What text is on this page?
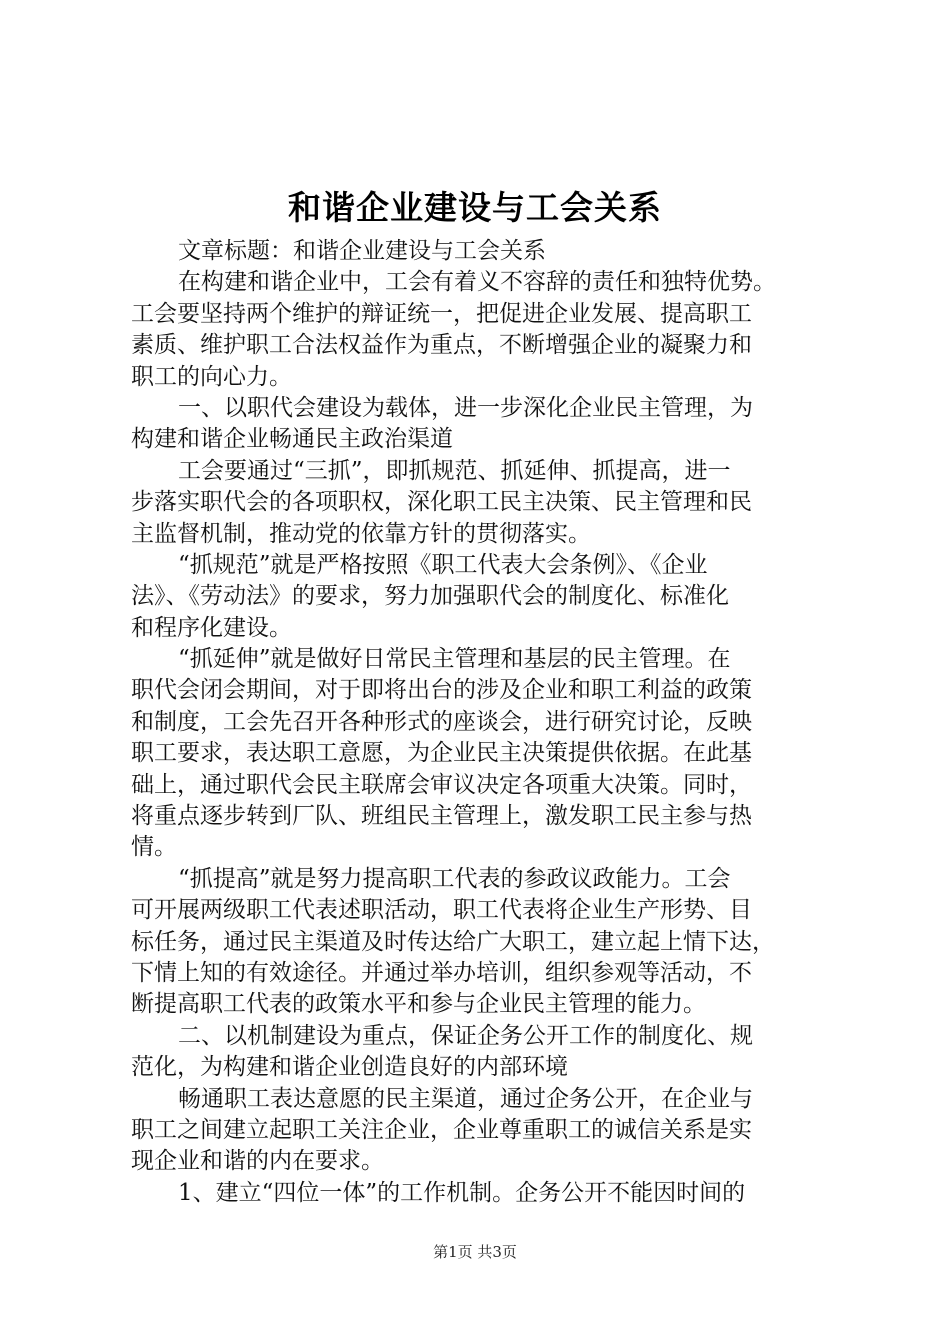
和谐企业建设与工会关系
文章标题：和谐企业建设与工会关系
在构建和谐企业中，工会有着义不容辞的责任和独特优势。
工会要坚持两个维护的辩证统一，把促进企业发展、提高职工
素质、维护职工合法权益作为重点，不断增强企业的凝聚力和
职工的向心力。
一、以职代会建设为载体，进一步深化企业民主管理，为
构建和谐企业畅通民主政治渠道
工会要通过“三抓”，即抓规范、抓延伸、抓提高，进一
步落实职代会的各项职权，深化职工民主决策、民主管理和民
主监督机制，推动党的依靠方针的贯彻落实。
“抓规范”就是严格按照《职工代表大会条例》、《企业
法》、《劳动法》的要求，努力加强职代会的制度化、标准化
和程序化建设。
“抓延伸”就是做好日常民主管理和基层的民主管理。在
职代会闭会期间，对于即将出台的涉及企业和职工利益的政策
和制度，工会先召开各种形式的座谈会，进行研究讨论，反映
职工要求，表达职工意愿，为企业民主决策提供依据。在此基
础上，通过职代会民主联席会审议决定各项重大决策。同时，
将重点逐步转到厂队、班组民主管理上，激发职工民主参与热
情。
“抓提高”就是努力提高职工代表的参政议政能力。工会
可开展两级职工代表述职活动，职工代表将企业生产形势、目
标任务，通过民主渠道及时传达给广大职工，建立起上情下达，
下情上知的有效途径。并通过举办培训，组织参观等活动，不
断提高职工代表的政策水平和参与企业民主管理的能力。
二、以机制建设为重点，保证企务公开工作的制度化、规
范化，为构建和谐企业创造良好的内部环境
畅通职工表达意愿的民主渠道，通过企务公开，在企业与
职工之间建立起职工关注企业，企业尊重职工的诚信关系是实
现企业和谐的内在要求。
1、建立“四位一体”的工作机制。企务公开不能因时间的
第1页 共3页
